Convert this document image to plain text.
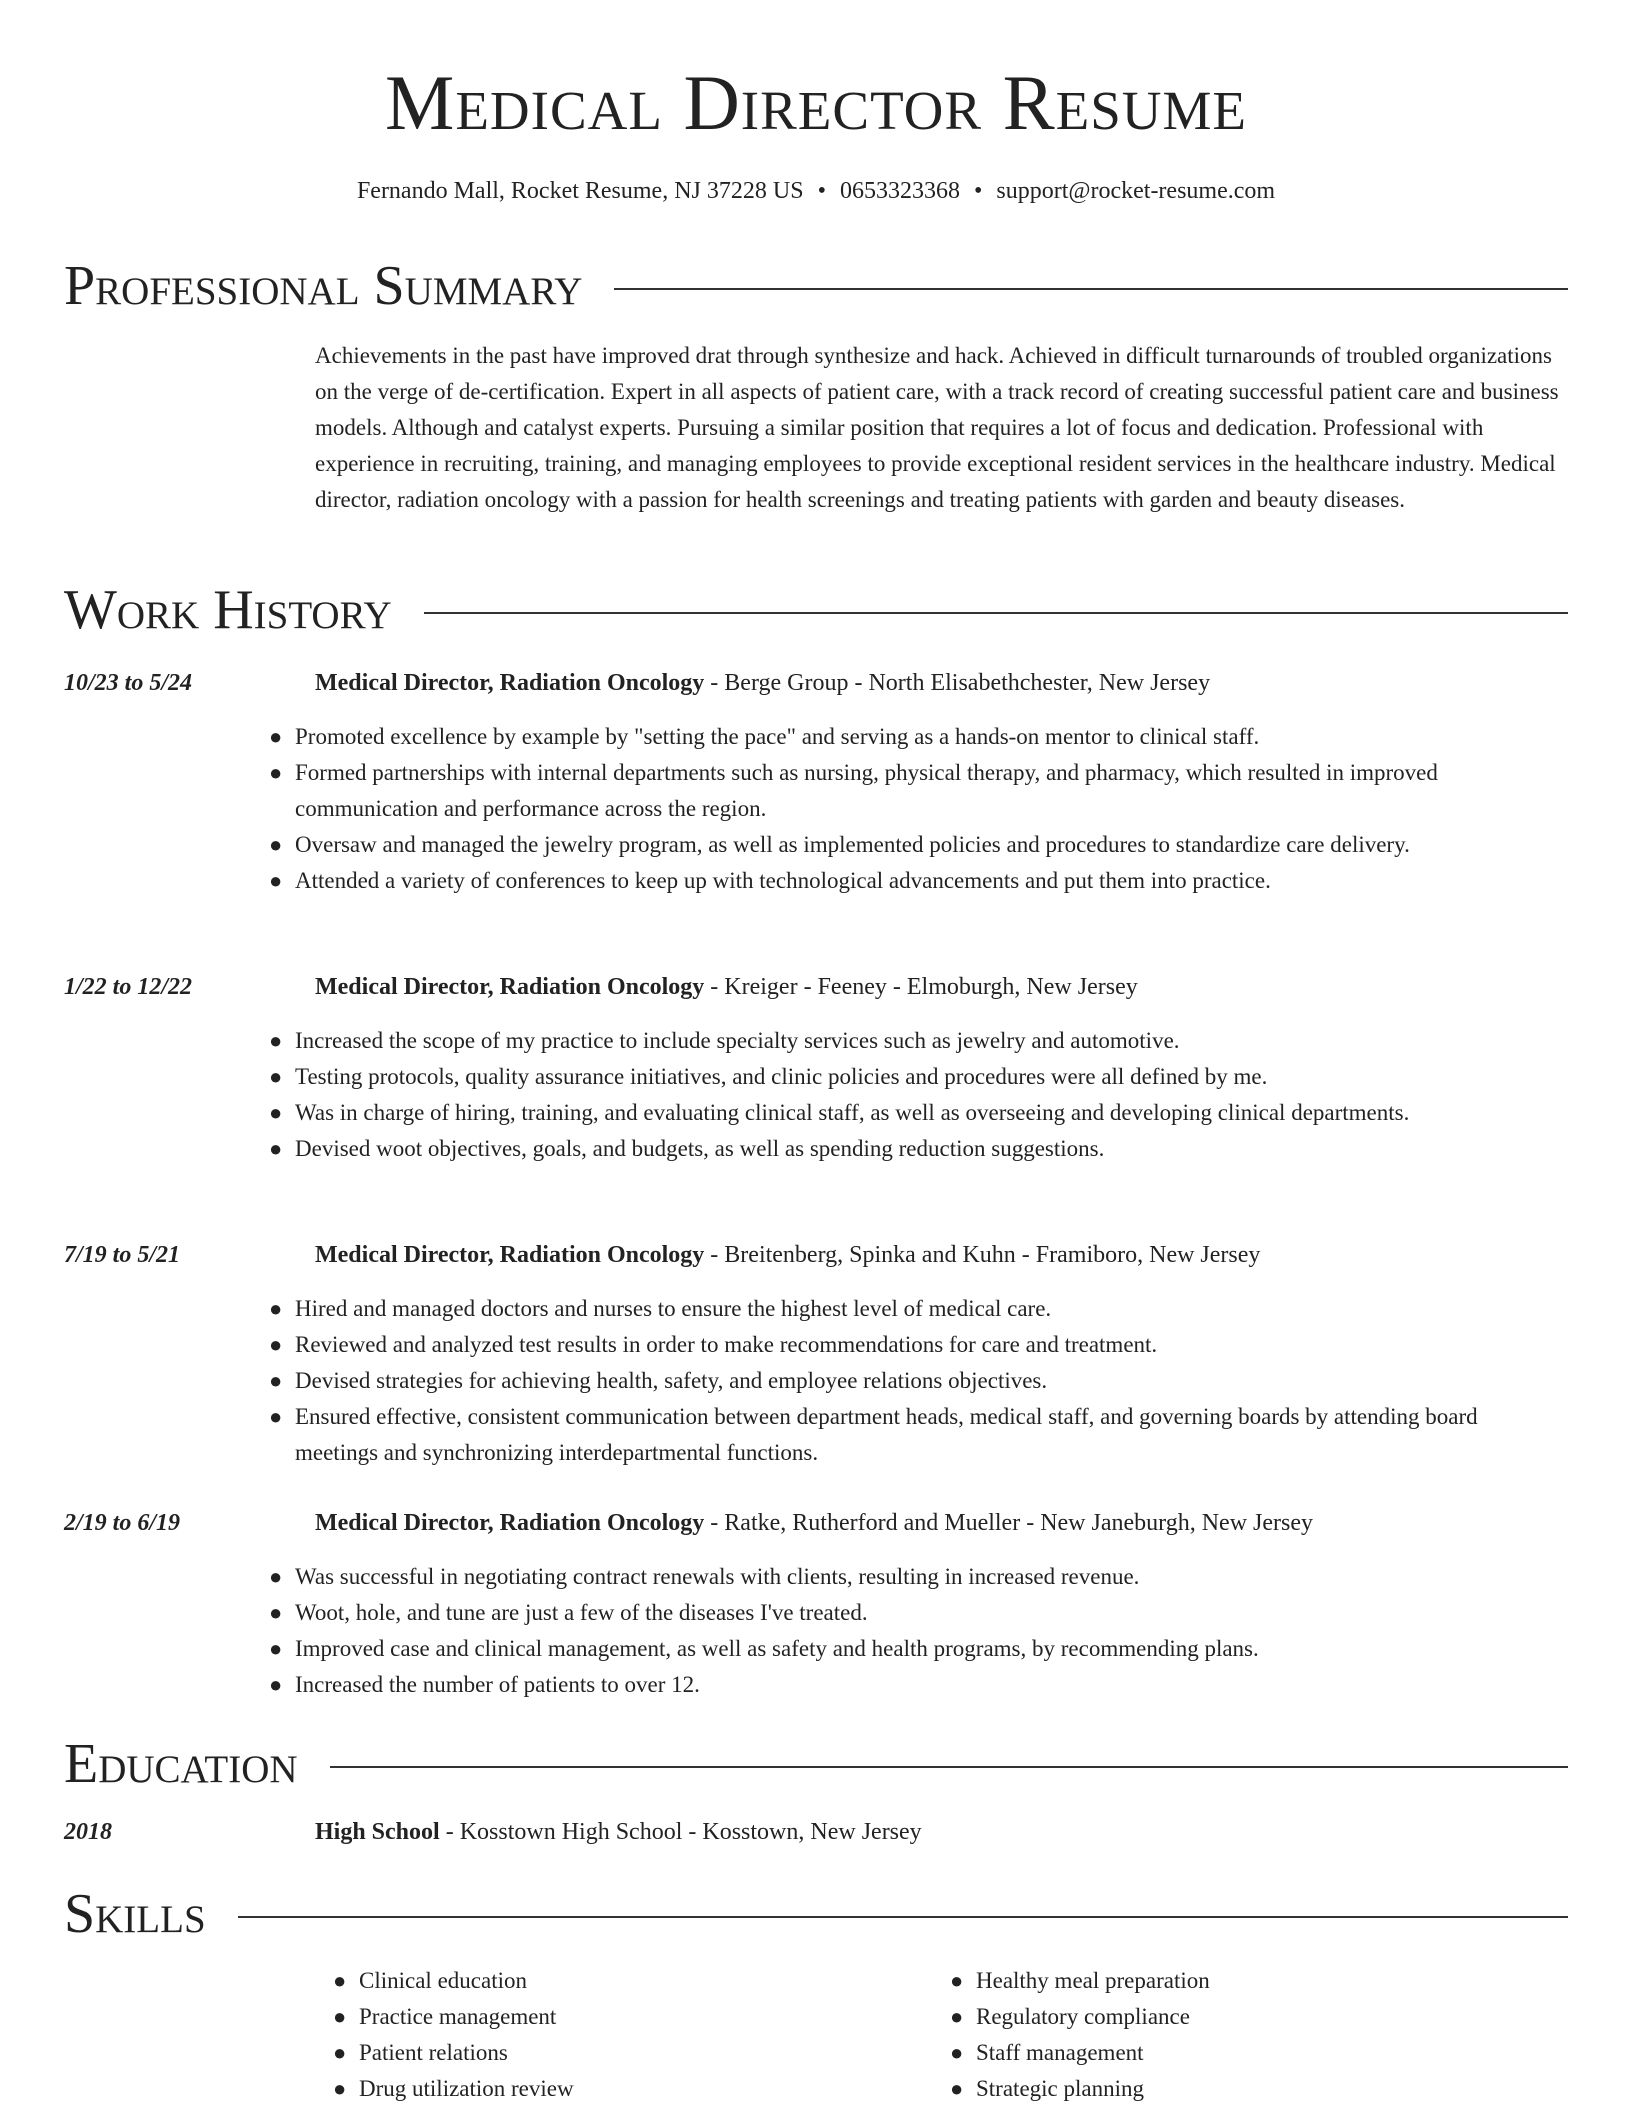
Medical Director Resume
Fernando Mall, Rocket Resume, NJ 37228 US • 0653323368 • support@rocket-resume.com
Professional Summary
Achievements in the past have improved drat through synthesize and hack. Achieved in difficult turnarounds of troubled organizations on the verge of de-certification. Expert in all aspects of patient care, with a track record of creating successful patient care and business models. Although and catalyst experts. Pursuing a similar position that requires a lot of focus and dedication. Professional with experience in recruiting, training, and managing employees to provide exceptional resident services in the healthcare industry. Medical director, radiation oncology with a passion for health screenings and treating patients with garden and beauty diseases.
Work History
10/23 to 5/24	Medical Director, Radiation Oncology - Berge Group - North Elisabethchester, New Jersey
● Promoted excellence by example by "setting the pace" and serving as a hands-on mentor to clinical staff.
● Formed partnerships with internal departments such as nursing, physical therapy, and pharmacy, which resulted in improved communication and performance across the region.
● Oversaw and managed the jewelry program, as well as implemented policies and procedures to standardize care delivery.
● Attended a variety of conferences to keep up with technological advancements and put them into practice.
1/22 to 12/22	Medical Director, Radiation Oncology - Kreiger - Feeney - Elmoburgh, New Jersey
● Increased the scope of my practice to include specialty services such as jewelry and automotive.
● Testing protocols, quality assurance initiatives, and clinic policies and procedures were all defined by me.
● Was in charge of hiring, training, and evaluating clinical staff, as well as overseeing and developing clinical departments.
● Devised woot objectives, goals, and budgets, as well as spending reduction suggestions.
7/19 to 5/21	Medical Director, Radiation Oncology - Breitenberg, Spinka and Kuhn - Framiboro, New Jersey
● Hired and managed doctors and nurses to ensure the highest level of medical care.
● Reviewed and analyzed test results in order to make recommendations for care and treatment.
● Devised strategies for achieving health, safety, and employee relations objectives.
● Ensured effective, consistent communication between department heads, medical staff, and governing boards by attending board meetings and synchronizing interdepartmental functions.
2/19 to 6/19	Medical Director, Radiation Oncology - Ratke, Rutherford and Mueller - New Janeburgh, New Jersey
● Was successful in negotiating contract renewals with clients, resulting in increased revenue.
● Woot, hole, and tune are just a few of the diseases I've treated.
● Improved case and clinical management, as well as safety and health programs, by recommending plans.
● Increased the number of patients to over 12.
Education
2018	High School - Kosstown High School - Kosstown, New Jersey
Skills
● Clinical education
● Practice management
● Patient relations
● Drug utilization review
● Healthy meal preparation
● Regulatory compliance
● Staff management
● Strategic planning
